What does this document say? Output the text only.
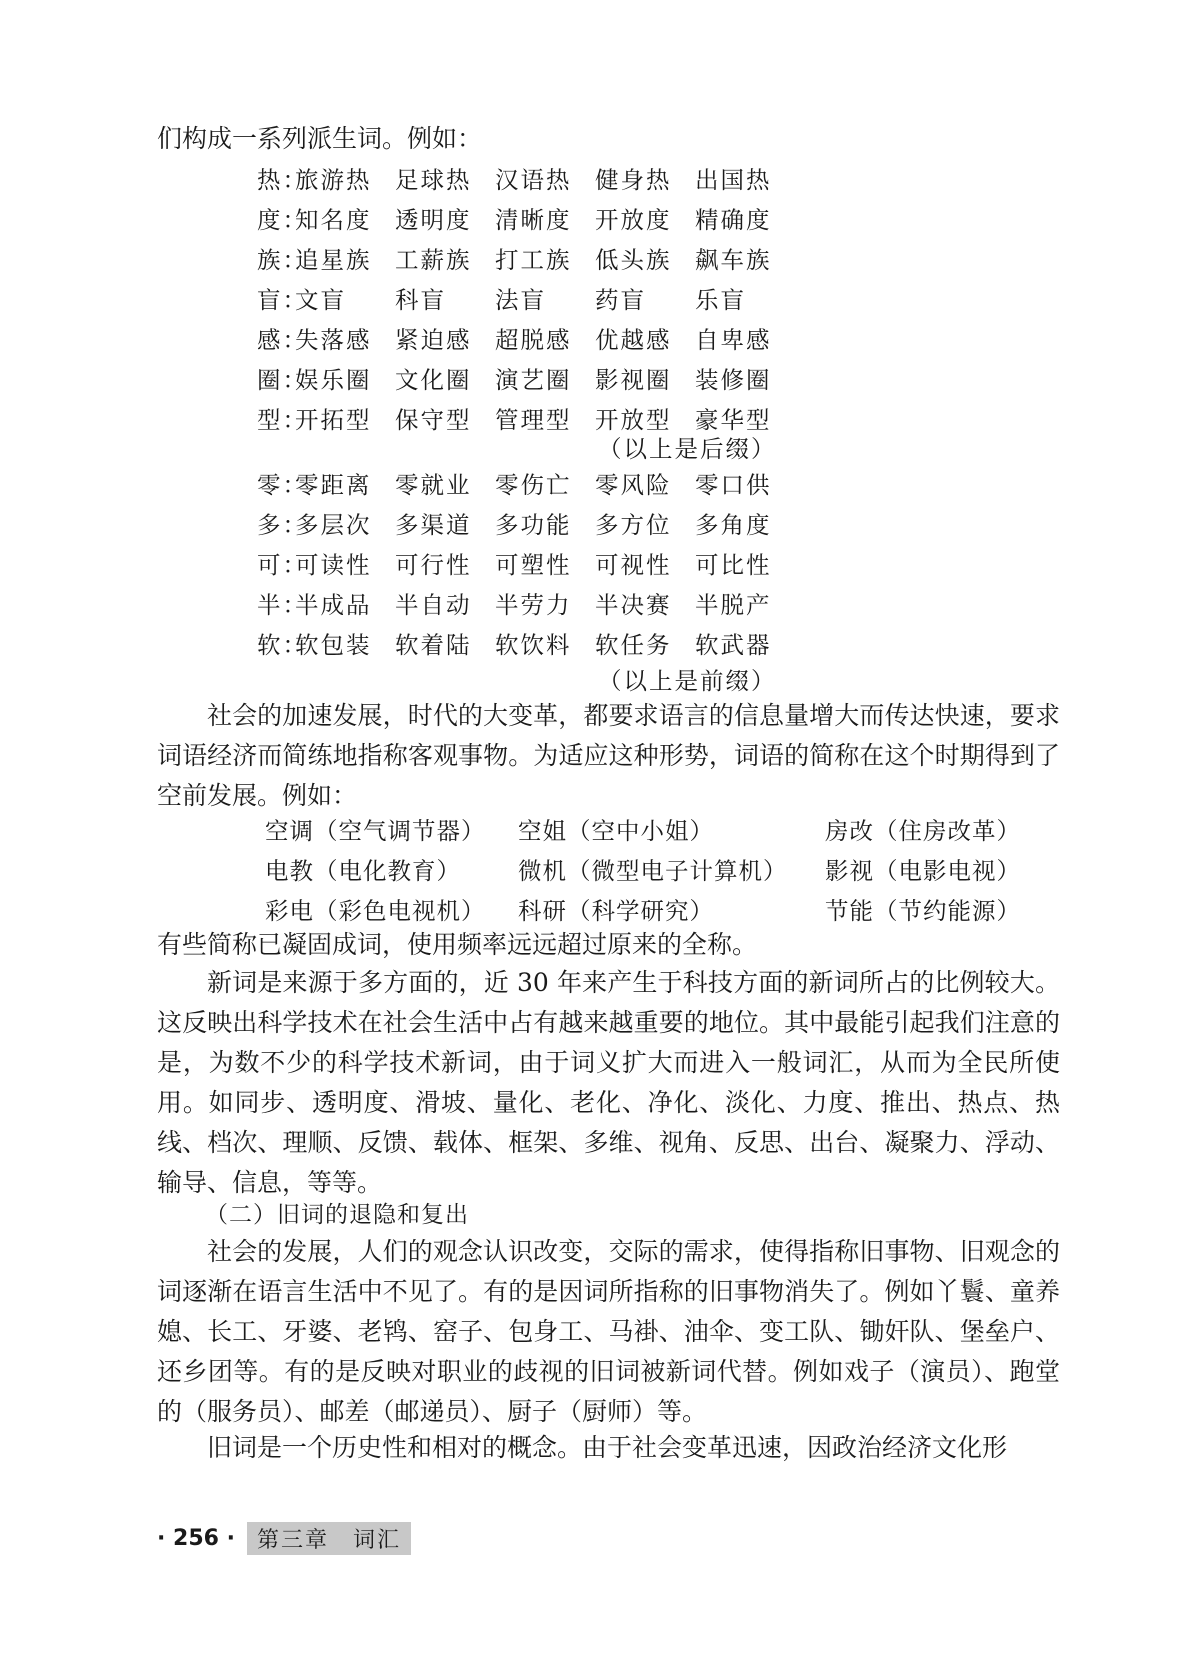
们构成一系列派生词。例如：
热：
旅游热 足球热 汉语热 健身热 出国热
度：
知名度 透明度 清晰度 开放度 精确度
族：
追星族 工薪族 打工族 低头族 飙车族
盲：
文盲 科盲 法盲 药盲 乐盲
感：
失落感 紧迫感 超脱感 优越感 自卑感
圈：
娱乐圈 文化圈 演艺圈 影视圈 装修圈
型：
开拓型 保守型 管理型 开放型 豪华型
（以上是后缀）
零：
零距离 零就业 零伤亡 零风险 零口供
多：
多层次 多渠道 多功能 多方位 多角度
可：
可读性 可行性 可塑性 可视性 可比性
半：
半成品 半自动 半劳力 半决赛 半脱产
软：
软包装 软着陆 软饮料 软任务 软武器
（以上是前缀）

社会的加速发展，时代的大变革，都要求语言的信息量增大而传达快速，要求词语经济而简练地指称客观事物。为适应这种形势，词语的简称在这个时期得到了空前发展。例如：

空调（空气调节器） 空姐（空中小姐）	房改（住房改革）
电教（电化教育） 微机（微型电子计算机） 影视（电影电视）
彩电（彩色电视机） 科研（科学研究）	节能（节约能源）

有些简称已凝固成词，使用频率远远超过原来的全称。

新词是来源于多方面的，近 30 年来产生于科技方面的新词所占的比例较大。这反映出科学技术在社会生活中占有越来越重要的地位。其中最能引起我们注意的是，为数不少的科学技术新词，由于词义扩大而进入一般词汇，从而为全民所使用。如同步、透明度、滑坡、量化、老化、净化、淡化、力度、推出、热点、热线、档次、理顺、反馈、载体、框架、多维、视角、反思、出台、凝聚力、浮动、输导、信息，等等。

（二）旧词的退隐和复出

社会的发展，人们的观念认识改变，交际的需求，使得指称旧事物、旧观念的词逐渐在语言生活中不见了。有的是因词所指称的旧事物消失了。例如丫鬟、童养媳、长工、牙婆、老鸨、窑子、包身工、马褂、油伞、变工队、锄奸队、堡垒户、还乡团等。有的是反映对职业的歧视的旧词被新词代替。例如戏子（演员）、跑堂的（服务员）、邮差（邮递员）、厨子（厨师）等。

旧词是一个历史性和相对的概念。由于社会变革迅速，因政治经济文化形

· 256 ·	第三章　词汇
